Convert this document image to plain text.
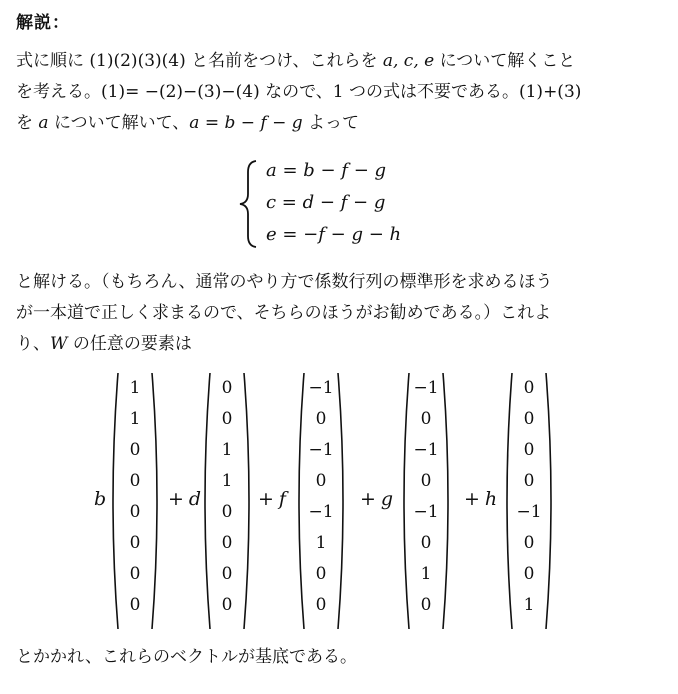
解説：
式に順に (1)(2)(3)(4) と名前をつけ、これらを a, c, e について解くこと
を考える。(1)= −(2)−(3)−(4) なので、1 つの式は不要である。(1)+(3)
を a について解いて、a = b − f − g よって
a = b − f − g
c = d − f − g
e = −f − g − h
と解ける。（もちろん、通常のやり方で係数行列の標準形を求めるほう
が一本道で正しく求まるので、そちらのほうがお勧めである。）これよ
り、W の任意の要素は
b
1
1
0
0
0
0
0
0
+ d
0
0
1
1
0
0
0
0
+ f
−1
0
−1
0
−1
1
0
0
+ g
−1
0
−1
0
−1
0
1
0
+ h
0
0
0
0
−1
0
0
1
とかかれ、これらのベクトルが基底である。
